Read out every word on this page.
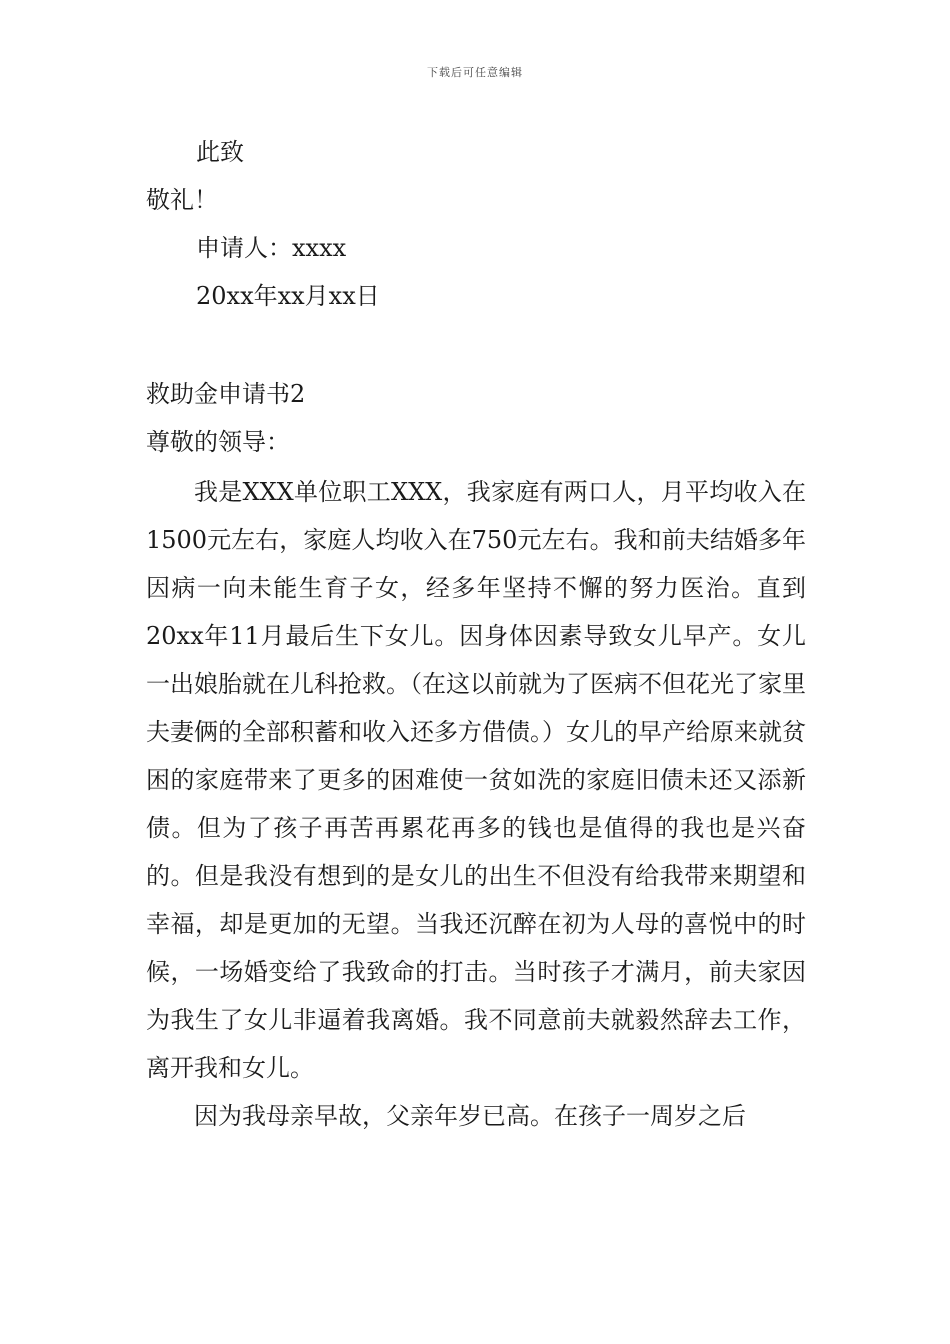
下载后可任意编辑
此致
敬礼！
申请人：xxxx
20xx年xx月xx日
救助金申请书2
尊敬的领导：

我是XXX单位职工XXX，我家庭有两口人，月平均收入在1500元左右，家庭人均收入在750元左右。我和前夫结婚多年因病一向未能生育子女，经多年坚持不懈的努力医治。直到20xx年11月最后生下女儿。因身体因素导致女儿早产。女儿一出娘胎就在儿科抢救。（在这以前就为了医病不但花光了家里夫妻俩的全部积蓄和收入还多方借债。）女儿的早产给原来就贫困的家庭带来了更多的困难使一贫如洗的家庭旧债未还又添新债。但为了孩子再苦再累花再多的钱也是值得的我也是兴奋的。但是我没有想到的是女儿的出生不但没有给我带来期望和幸福，却是更加的无望。当我还沉醉在初为人母的喜悦中的时候，一场婚变给了我致命的打击。当时孩子才满月，前夫家因为我生了女儿非逼着我离婚。我不同意前夫就毅然辞去工作，离开我和女儿。

因为我母亲早故，父亲年岁已高。在孩子一周岁之后
